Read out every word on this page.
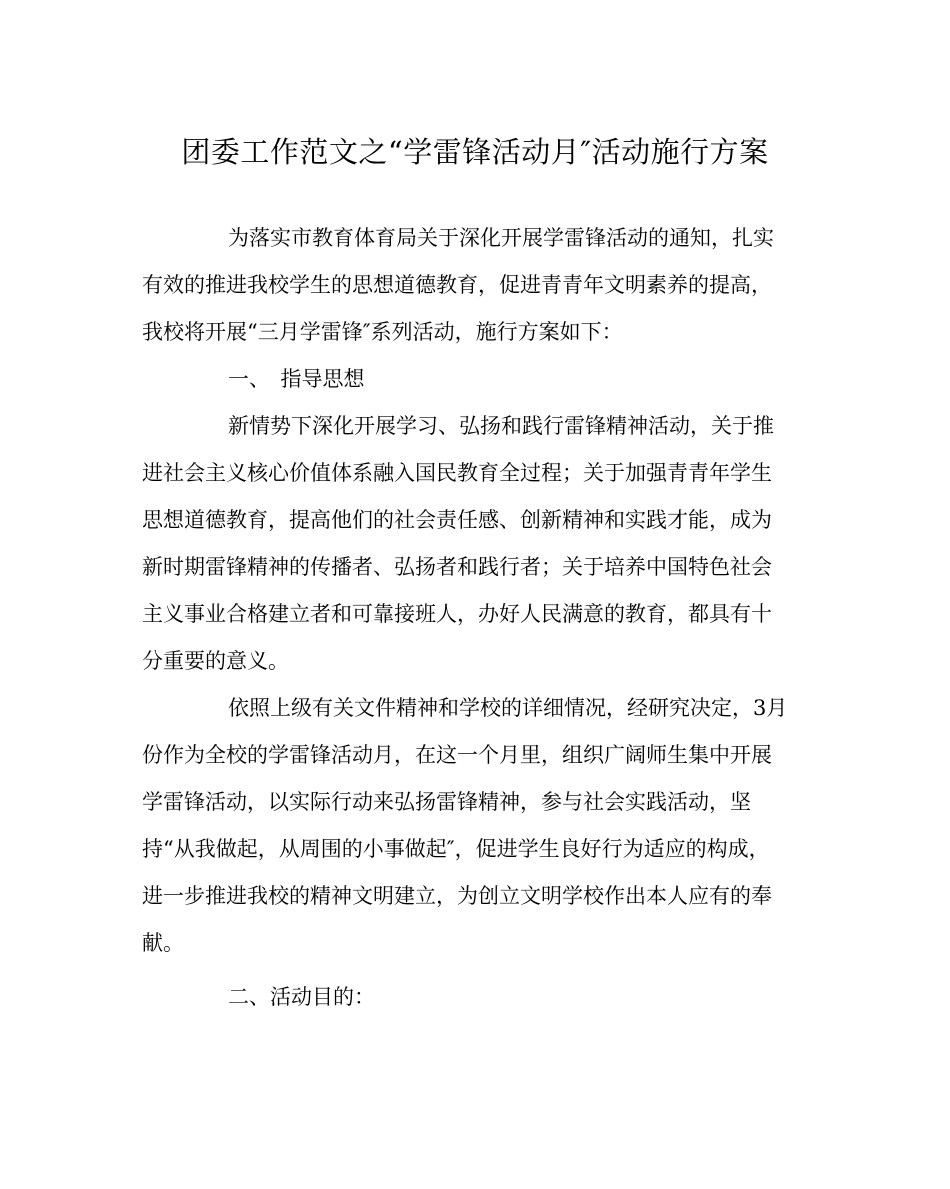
团委工作范文之“学雷锋活动月″活动施行方案
为落实市教育体育局关于深化开展学雷锋活动的通知，扎实
有效的推进我校学生的思想道德教育，促进青青年文明素养的提高，
我校将开展“三月学雷锋″系列活动，施行方案如下：
一、　指导思想
新情势下深化开展学习、弘扬和践行雷锋精神活动，关于推
进社会主义核心价值体系融入国民教育全过程；关于加强青青年学生
思想道德教育，提高他们的社会责任感、创新精神和实践才能，成为
新时期雷锋精神的传播者、弘扬者和践行者；关于培养中国特色社会
主义事业合格建立者和可靠接班人，办好人民满意的教育，都具有十
分重要的意义。
依照上级有关文件精神和学校的详细情况，经研究决定，3月
份作为全校的学雷锋活动月，在这一个月里，组织广阔师生集中开展
学雷锋活动，以实际行动来弘扬雷锋精神，参与社会实践活动，坚
持“从我做起，从周围的小事做起″，促进学生良好行为适应的构成，
进一步推进我校的精神文明建立，为创立文明学校作出本人应有的奉
献。
二、活动目的：
